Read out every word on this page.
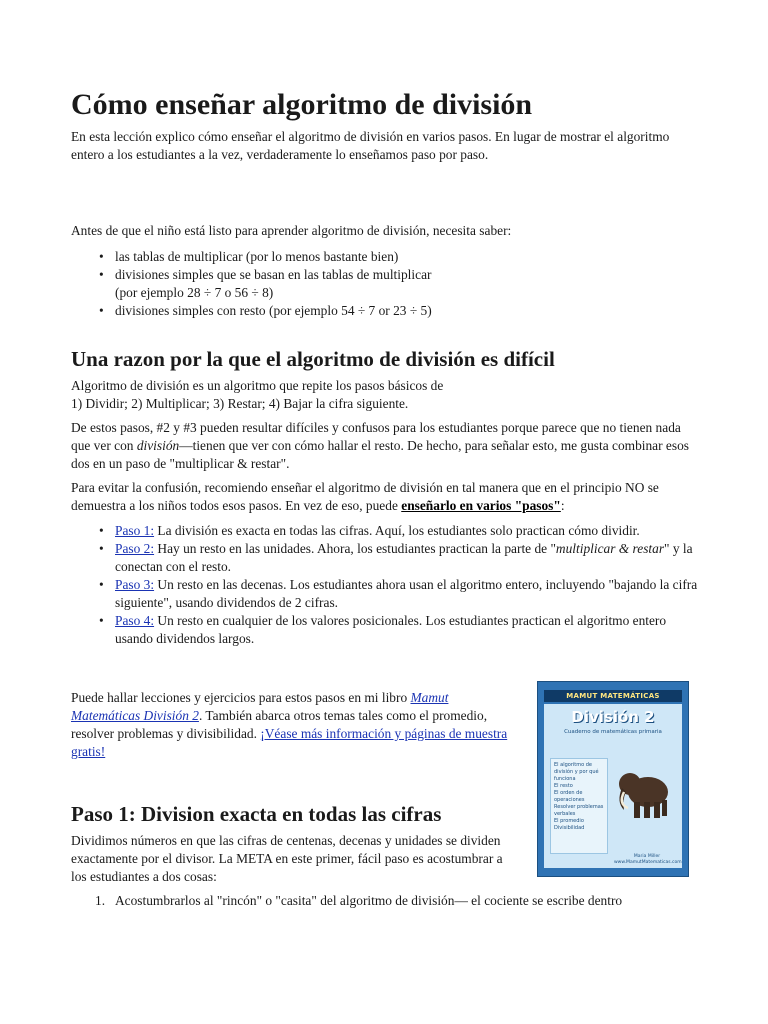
Cómo enseñar algoritmo de división

En esta lección explico cómo enseñar el algoritmo de división en varios pasos. En lugar de mostrar el algoritmo entero a los estudiantes a la vez, verdaderamente lo enseñamos paso por paso.

Antes de que el niño está listo para aprender algoritmo de división, necesita saber:

• las tablas de multiplicar (por lo menos bastante bien)
• divisiones simples que se basan en las tablas de multiplicar
(por ejemplo 28 ÷ 7 o 56 ÷ 8)
• divisiones simples con resto (por ejemplo 54 ÷ 7 or 23 ÷ 5)
Una razon por la que el algoritmo de división es difícil

Algoritmo de división es un algoritmo que repite los pasos básicos de
1) Dividir; 2) Multiplicar; 3) Restar; 4) Bajar la cifra siguiente.

De estos pasos, #2 y #3 pueden resultar difíciles y confusos para los estudiantes porque parece que no tienen nada que ver con división—tienen que ver con cómo hallar el resto. De hecho, para señalar esto, me gusta combinar esos dos en un paso de "multiplicar & restar".

Para evitar la confusión, recomiendo enseñar el algoritmo de división en tal manera que en el principio NO se demuestra a los niños todos esos pasos. En vez de eso, puede enseñarlo en varios "pasos":

• Paso 1: La división es exacta en todas las cifras. Aquí, los estudiantes solo practican cómo dividir.
• Paso 2: Hay un resto en las unidades. Ahora, los estudiantes practican la parte de "multiplicar & restar" y la conectan con el resto.
• Paso 3: Un resto en las decenas. Los estudiantes ahora usan el algoritmo entero, incluyendo "bajando la cifra siguiente", usando dividendos de 2 cifras.
• Paso 4: Un resto en cualquier de los valores posicionales. Los estudiantes practican el algoritmo entero usando dividendos largos.

Puede hallar lecciones y ejercicios para estos pasos en mi libro Mamut Matemáticas División 2. También abarca otros temas tales como el promedio, resolver problemas y divisibilidad. ¡Véase más información y páginas de muestra gratis!

MAMUT MATEMÁTICAS
División 2
Cuaderno de matemáticas primaria
El algoritmo de división y por qué funciona
El resto
El orden de operaciones
Resolver problemas verbales
El promedio
Divisibilidad
Maria Miller
www.MamutMatematicas.com
Paso 1: Division exacta en todas las cifras

Dividimos números en que las cifras de centenas, decenas y unidades se dividen exactamente por el divisor. La META en este primer, fácil paso es acostumbrar a los estudiantes a dos cosas:

1. Acostumbrarlos al "rincón" o "casita" del algoritmo de división— el cociente se escribe dentro
